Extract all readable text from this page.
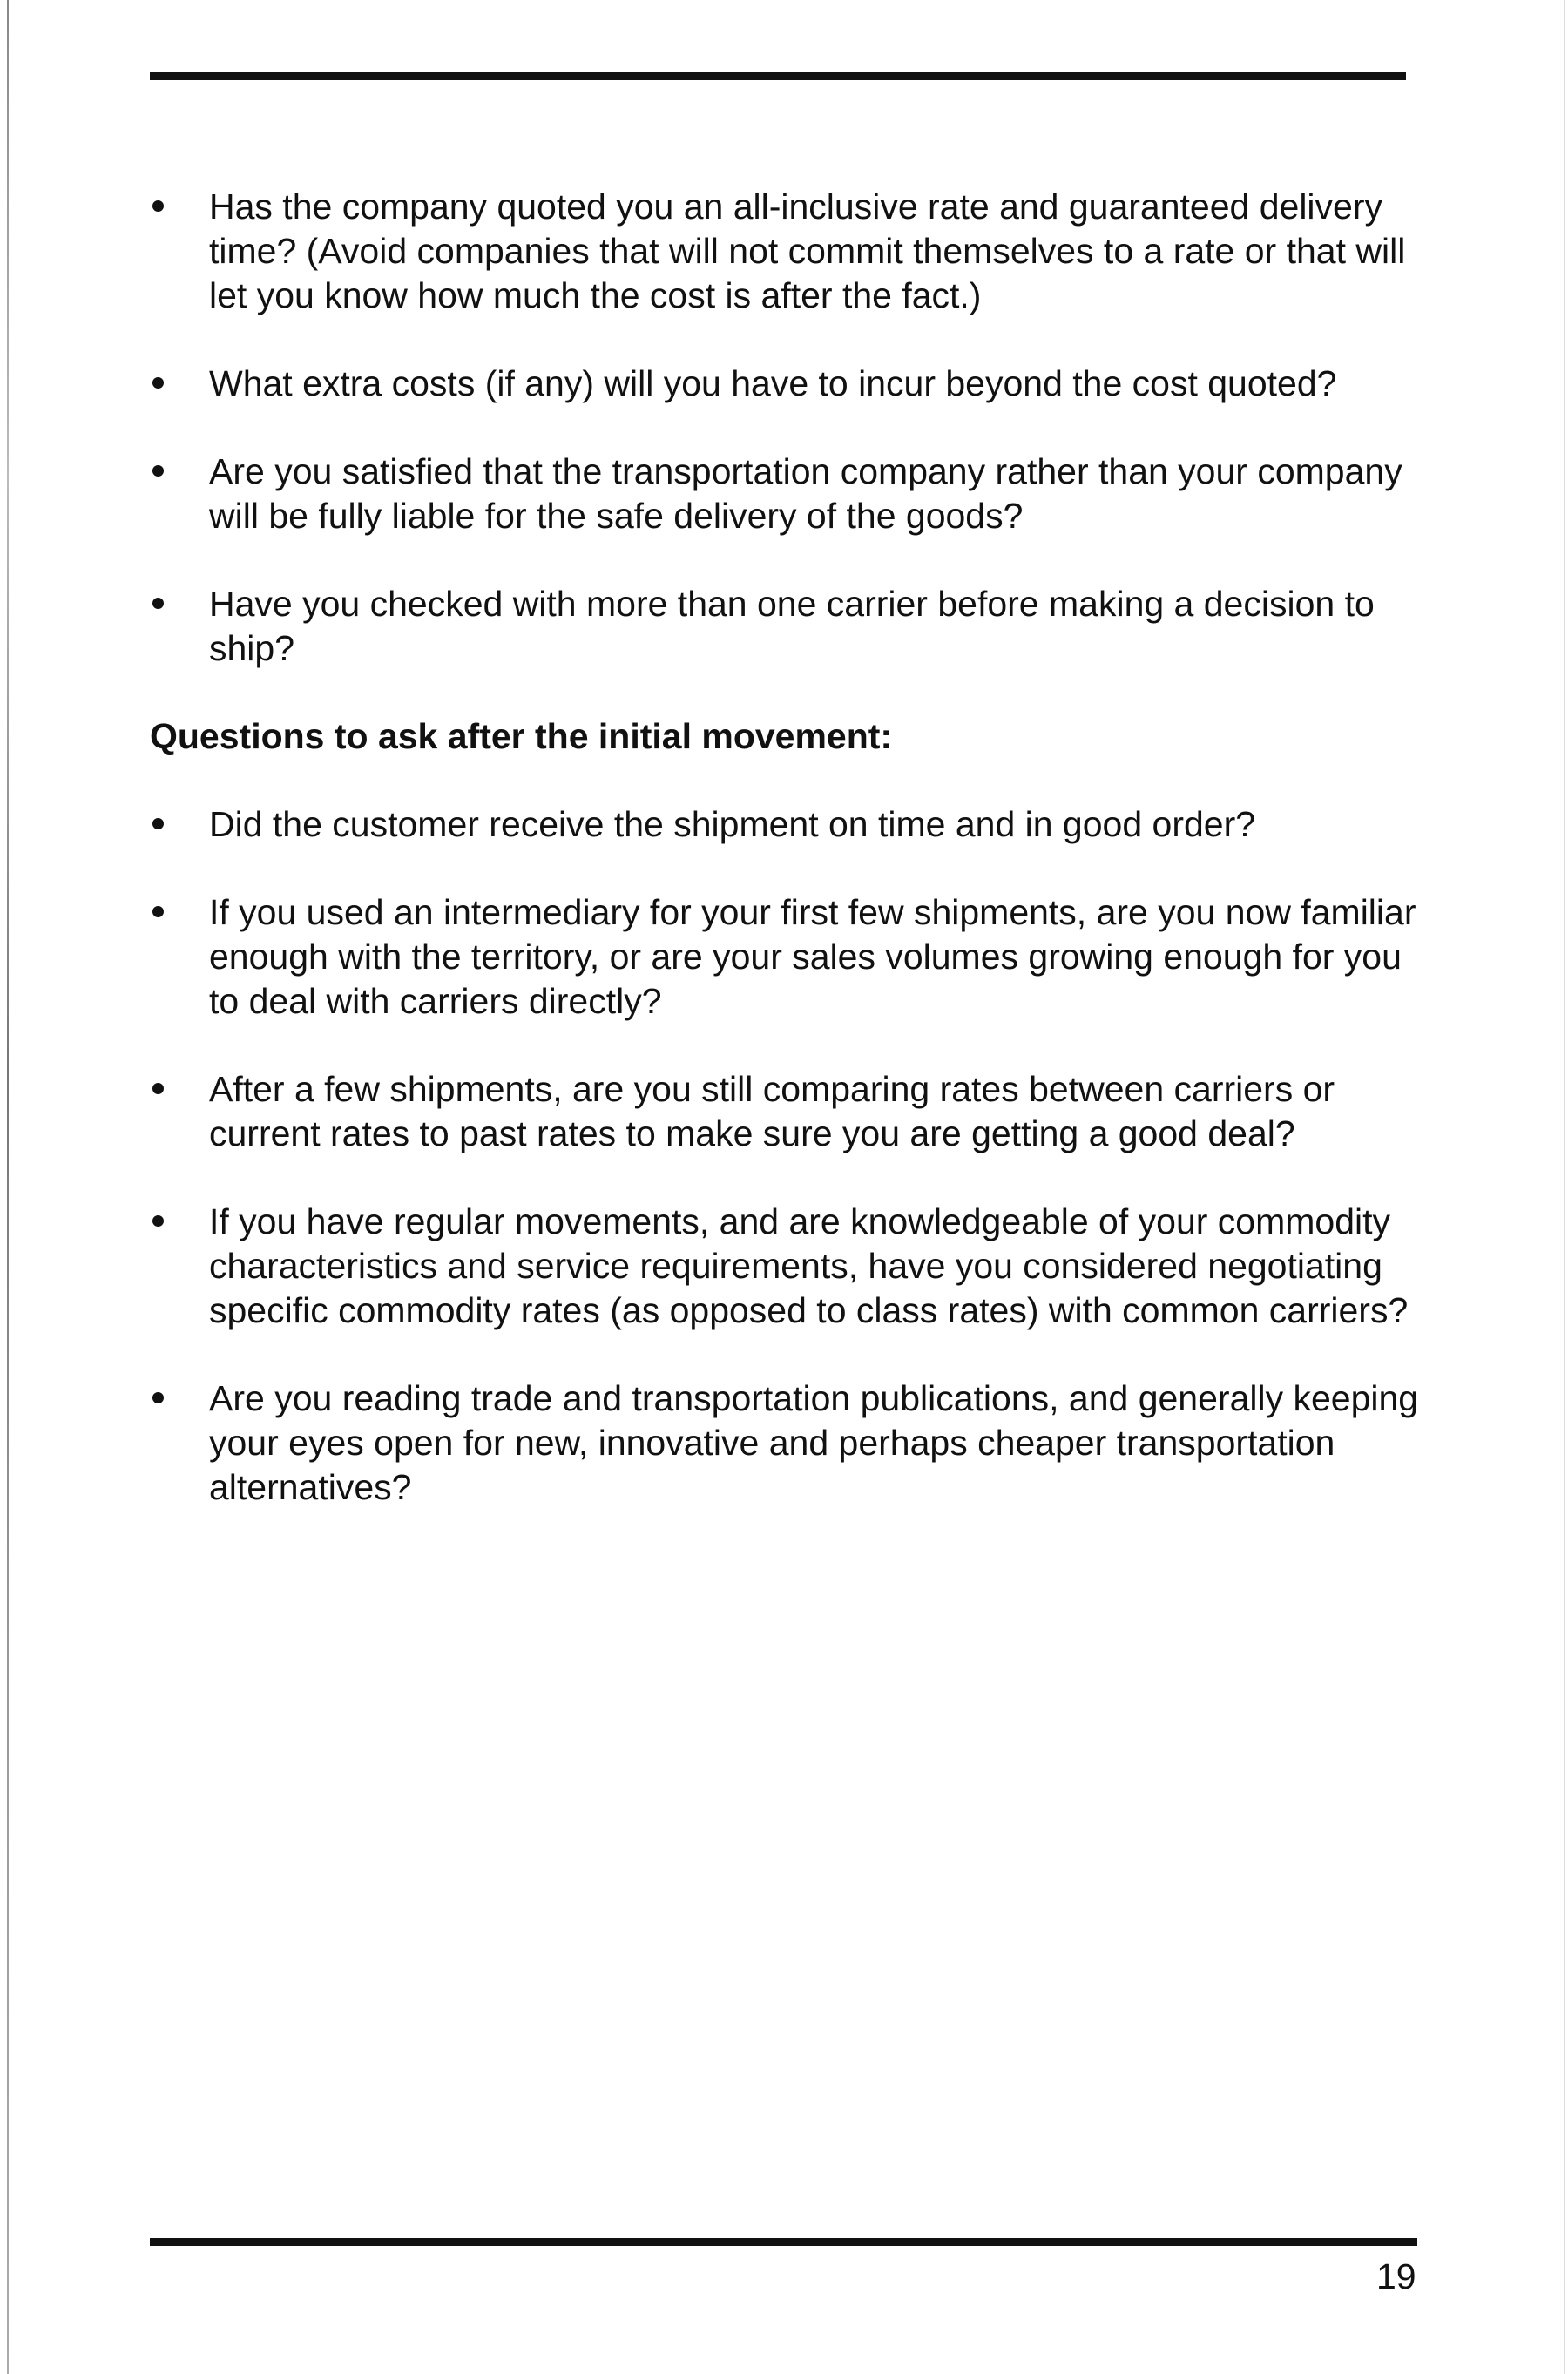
Has the company quoted you an all-inclusive rate and guaranteed delivery time? (Avoid companies that will not commit themselves to a rate or that will let you know how much the cost is after the fact.)
What extra costs (if any) will you have to incur beyond the cost quoted?
Are you satisfied that the transportation company rather than your company will be fully liable for the safe delivery of the goods?
Have you checked with more than one carrier before making a decision to ship?
Questions to ask after the initial movement:
Did the customer receive the shipment on time and in good order?
If you used an intermediary for your first few shipments, are you now familiar enough with the territory, or are your sales volumes growing enough for you to deal with carriers directly?
After a few shipments, are you still comparing rates between carriers or current rates to past rates to make sure you are getting a good deal?
If you have regular movements, and are knowledgeable of your commodity characteristics and service requirements, have you considered negotiating specific commodity rates (as opposed to class rates) with common carriers?
Are you reading trade and transportation publications, and generally keeping your eyes open for new, innovative and perhaps cheaper transportation alternatives?
19
